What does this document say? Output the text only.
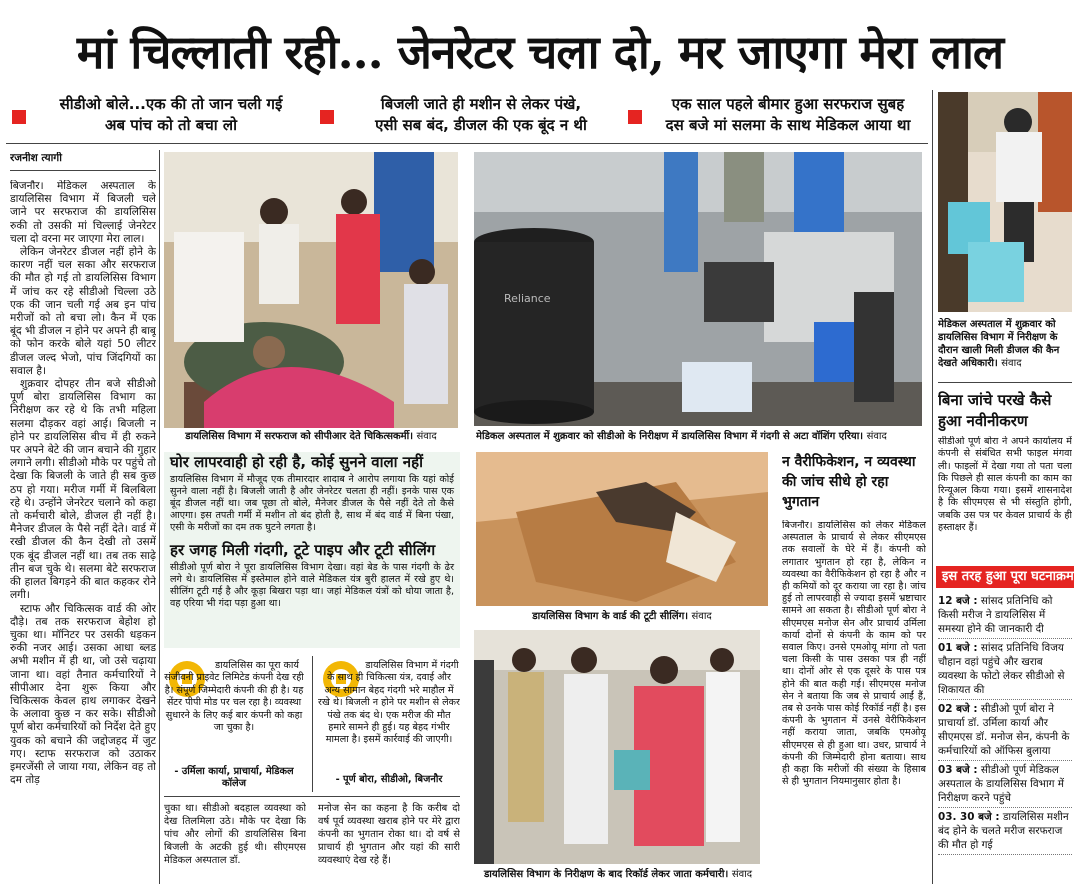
मां चिल्लाती रही... जेनरेटर चला दो, मर जाएगा मेरा लाल
सीडीओ बोले...एक की तो जान चली गई
अब पांच को तो बचा लो
बिजली जाते ही मशीन से लेकर पंखे,
एसी सब बंद, डीजल की एक बूंद न थी
एक साल पहले बीमार हुआ सरफराज सुबह
दस बजे मां सलमा के साथ मेडिकल आया था
रजनीश त्यागी

बिजनौर। मेडिकल अस्पताल के डायलिसिस विभाग में बिजली चले जाने पर सरफराज की डायलिसिस रुकी तो उसकी मां चिल्लाई जेनरेटर चला दो वरना मर जाएगा मेरा लाल।

लेकिन जेनरेटर डीजल नहीं होने के कारण नहीं चल सका और सरफराज की मौत हो गई तो डायलिसिस विभाग में जांच कर रहे सीडीओ चिल्ला उठे एक की जान चली गई अब इन पांच मरीजों को तो बचा लो। कैन में एक बूंद भी डीजल न होने पर अपने ही बाबू को फोन करके बोले यहां 50 लीटर डीजल जल्द भेजो, पांच जिंदगियों का सवाल है।

शुक्रवार दोपहर तीन बजे सीडीओ पूर्ण बोरा डायलिसिस विभाग का निरीक्षण कर रहे थे कि तभी महिला सलमा दौड़कर वहां आई। बिजली न होने पर डायलिसिस बीच में ही रुकने पर अपने बेटे की जान बचाने की गुहार लगाने लगी। सीडीओ मौके पर पहुंचे तो देखा कि बिजली के जाते ही सब कुछ ठप हो गया। मरीज गर्मी में बिलबिला रहे थे। उन्होंने जेनरेटर चलाने को कहा तो कर्मचारी बोले, डीजल ही नहीं है। मैनेजर डीजल के पैसे नहीं देते। वार्ड में रखी डीजल की कैन देखी तो उसमें एक बूंद डीजल नहीं था। तब तक साढ़े तीन बज चुके थे। सलमा बेटे सरफराज की हालत बिगड़ने की बात कहकर रोने लगी।

स्टाफ और चिकित्सक वार्ड की ओर दौड़े। तब तक सरफराज बेहोश हो चुका था। मॉनिटर पर उसकी धड़कन रुकी नजर आई। उसका आधा ब्लड अभी मशीन में ही था, जो उसे चढ़ाया जाना था। वहां तैनात कर्मचारियों ने सीपीआर देना शुरू किया और चिकित्सक केवल हाथ लगाकर देखने के अलावा कुछ न कर सके। सीडीओ पूर्ण बोरा कर्मचारियों को निर्देश देते हुए युवक को बचाने की जद्दोजहद में जुट गए। स्टाफ सरफराज को उठाकर इमरजेंसी ले जाया गया, लेकिन वह तो दम तोड़

डायलिसिस विभाग में सरफराज को सीपीआर देते चिकित्सकर्मी। संवाद
Reliance
मेडिकल अस्पताल में शुक्रवार को सीडीओ के निरीक्षण में डायलिसिस विभाग में गंदगी से अटा वॉशिंग एरिया। संवाद
मेडिकल अस्पताल में शुक्रवार को डायलिसिस विभाग में निरीक्षण के दौरान खाली मिली डीजल की कैन देखते अधिकारी। संवाद
घोर लापरवाही हो रही है, कोई सुनने वाला नहीं
डायलिसिस विभाग में मौजूद एक तीमारदार शादाब ने आरोप लगाया कि यहां कोई सुनने वाला नहीं है। बिजली जाती है और जेनरेटर चलता ही नहीं। इनके पास एक बूंद डीजल नहीं था। जब पूछा तो बोले, मैनेजर डीजल के पैसे नहीं देते तो कैसे आएगा। इस तपती गर्मी में मशीन तो बंद होती है, साथ में बंद वार्ड में बिना पंखा, एसी के मरीजों का दम तक घुटने लगता है।
हर जगह मिली गंदगी, टूटे पाइप और टूटी सीलिंग
सीडीओ पूर्ण बोरा ने पूरा डायलिसिस विभाग देखा। वहां बेड के पास गंदगी के ढेर लगे थे। डायलिसिस में इस्तेमाल होने वाले मेडिकल यंत्र बुरी हालत में रखे हुए थे। सीलिंग टूटी गई है और कूड़ा बिखरा पड़ा था। जहां मेडिकल यंत्रों को धोया जाता है, वह एरिया भी गंदा पड़ा हुआ था।
डायलिसिस का पूरा कार्य संजीवनी प्राइवेट लिमिटेड कंपनी देख रही है। संपूर्ण जिम्मेदारी कंपनी की ही है। यह सेंटर पीपी मोड पर चल रहा है। व्यवस्था सुधारने के लिए कई बार कंपनी को कहा जा चुका है।
- उर्मिला कार्या, प्राचार्या, मेडिकल कॉलेज
डायलिसिस विभाग में गंदगी के साथ ही चिकित्सा यंत्र, दवाई और अन्य सामान बेहद गंदगी भरे माहौल में रखे थे। बिजली न होने पर मशीन से लेकर पंखे तक बंद थे। एक मरीज की मौत हमारे सामने ही हुई। यह बेहद गंभीर मामला है। इसमें कार्रवाई की जाएगी।
- पूर्ण बोरा, सीडीओ, बिजनौर
चुका था। सीडीओ बदहाल व्यवस्था को देख तिलमिला उठे। मौके पर देखा कि पांच और लोगों की डायलिसिस बिना बिजली के अटकी हुई थी। सीएमएस मेडिकल अस्पताल डॉ.
मनोज सेन का कहना है कि करीब दो वर्ष पूर्व व्यवस्था खराब होने पर मेरे द्वारा कंपनी का भुगतान रोका था। दो वर्ष से प्राचार्य ही भुगतान और यहां की सारी व्यवस्थाएं देख रहे हैं।
डायलिसिस विभाग के वार्ड की टूटी सीलिंग। संवाद
डायलिसिस विभाग के निरीक्षण के बाद रिकॉर्ड लेकर जाता कर्मचारी। संवाद
न वैरीफिकेशन, न व्यवस्था की जांच सीधे हो रहा भुगतान
बिजनौर। डायलिसिस को लेकर मेडिकल अस्पताल के प्राचार्य से लेकर सीएमएस तक सवालों के घेरे में हैं। कंपनी को लगातार भुगतान हो रहा है, लेकिन न व्यवस्था का वैरीफिकेशन हो रहा है और न ही कमियों को दूर कराया जा रहा है। जांच हुई तो लापरवाही से ज्यादा इसमें भ्रष्टाचार सामने आ सकता है। सीडीओ पूर्ण बोरा ने सीएमएस मनोज सेन और प्राचार्य उर्मिला कार्या दोनों से कंपनी के काम को पर सवाल किए। उनसे एमओयू मांगा तो पता चला किसी के पास उसका पत्र ही नहीं था। दोनों ओर से एक दूसरे के पास पत्र होने की बात कही गई। सीएमएस मनोज सेन ने बताया कि जब से प्राचार्य आईं हैं, तब से उनके पास कोई रिकॉर्ड नहीं है। इस कंपनी के भुगतान में उनसे वेरीफिकेशन नहीं कराया जाता, जबकि एमओयू सीएमएस से ही हुआ था। उधर, प्राचार्य ने कंपनी की जिम्मेदारी होना बताया। साथ ही कहा कि मरीजों की संख्या के हिसाब से ही भुगतान नियमानुसार होता है।
बिना जांचे परखे कैसे हुआ नवीनीकरण
सीडीओ पूर्ण बोरा ने अपने कार्यालय में कंपनी से संबंधित सभी फाइल मंगवा ली। फाइलों में देखा गया तो पता चला कि पिछले ही साल कंपनी का काम का रिन्यूअल किया गया। इसमें शासनादेश है कि सीएमएस से भी संस्तुति होगी, जबकि उस पत्र पर केवल प्राचार्य के ही हस्ताक्षर हैं।
इस तरह हुआ पूरा घटनाक्रम
12 बजे : सांसद प्रतिनिधि को किसी मरीज ने डायलिसिस में समस्या होने की जानकारी दी
01 बजे : सांसद प्रतिनिधि विजय चौहान वहां पहुंचे और खराब व्यवस्था के फोटो लेकर सीडीओ से शिकायत की
02 बजे : सीडीओ पूर्ण बोरा ने प्राचार्या डॉ. उर्मिला कार्या और सीएमएस डॉ. मनोज सेन, कंपनी के कर्मचारियों को ऑफिस बुलाया
03 बजे : सीडीओ पूर्ण मेडिकल अस्पताल के डायलिसिस विभाग में निरीक्षण करने पहुंचे
03. 30 बजे : डायलिसिस मशीन बंद होने के चलते मरीज सरफराज की मौत हो गई
